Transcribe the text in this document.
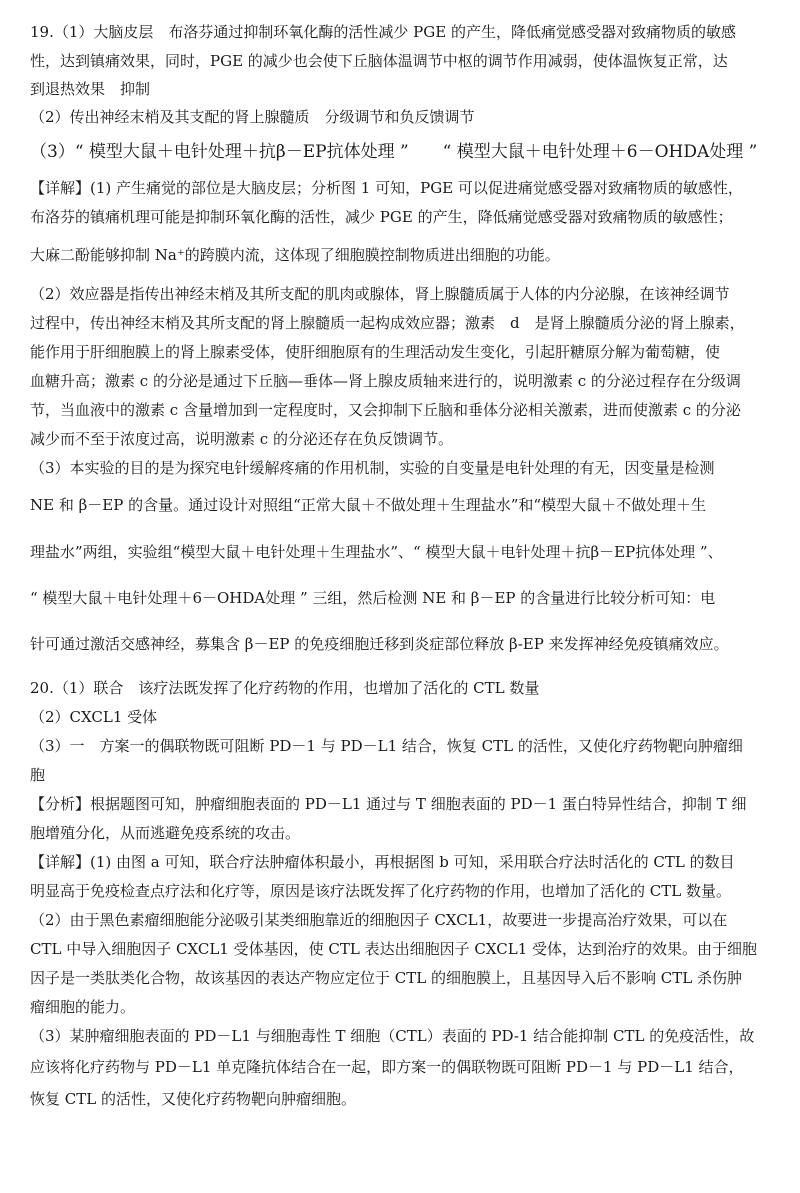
19.（1）大脑皮层　布洛芬通过抑制环氧化酶的活性减少 PGE 的产生，降低痛觉感受器对致痛物质的敏感
性，达到镇痛效果，同时，PGE 的减少也会使下丘脑体温调节中枢的调节作用减弱，使体温恢复正常，达
到退热效果　抑制
（2）传出神经末梢及其支配的肾上腺髓质　分级调节和负反馈调节
（3）“ 模型大鼠＋电针处理＋抗β－EP抗体处理 ”　　“ 模型大鼠＋电针处理＋6－OHDA处理 ”
【详解】(1) 产生痛觉的部位是大脑皮层；分析图 1 可知，PGE 可以促进痛觉感受器对致痛物质的敏感性，
布洛芬的镇痛机理可能是抑制环氧化酶的活性，减少 PGE 的产生，降低痛觉感受器对致痛物质的敏感性；
大麻二酚能够抑制 Na⁺的跨膜内流，这体现了细胞膜控制物质进出细胞的功能。
（2）效应器是指传出神经末梢及其所支配的肌肉或腺体，肾上腺髓质属于人体的内分泌腺，在该神经调节
过程中，传出神经末梢及其所支配的肾上腺髓质一起构成效应器；激素　d　是肾上腺髓质分泌的肾上腺素，
能作用于肝细胞膜上的肾上腺素受体，使肝细胞原有的生理活动发生变化，引起肝糖原分解为葡萄糖，使
血糖升高；激素 c 的分泌是通过下丘脑—垂体—肾上腺皮质轴来进行的，说明激素 c 的分泌过程存在分级调
节，当血液中的激素 c 含量增加到一定程度时，又会抑制下丘脑和垂体分泌相关激素，进而使激素 c 的分泌
减少而不至于浓度过高，说明激素 c 的分泌还存在负反馈调节。
（3）本实验的目的是为探究电针缓解疼痛的作用机制，实验的自变量是电针处理的有无，因变量是检测
NE 和 β－EP 的含量。通过设计对照组“正常大鼠＋不做处理＋生理盐水”和“模型大鼠＋不做处理＋生
理盐水”两组，实验组“模型大鼠＋电针处理＋生理盐水”、“ 模型大鼠＋电针处理＋抗β－EP抗体处理 ”、
“ 模型大鼠＋电针处理＋6－OHDA处理 ” 三组，然后检测 NE 和 β－EP 的含量进行比较分析可知：电
针可通过激活交感神经，募集含 β－EP 的免疫细胞迁移到炎症部位释放 β-EP 来发挥神经免疫镇痛效应。
20.（1）联合　该疗法既发挥了化疗药物的作用，也增加了活化的 CTL 数量
（2）CXCL1 受体
（3）一　方案一的偶联物既可阻断 PD－1 与 PD－L1 结合，恢复 CTL 的活性，又使化疗药物靶向肿瘤细
胞
【分析】根据题图可知，肿瘤细胞表面的 PD－L1 通过与 T 细胞表面的 PD－1 蛋白特异性结合，抑制 T 细
胞增殖分化，从而逃避免疫系统的攻击。
【详解】(1) 由图 a 可知，联合疗法肿瘤体积最小，再根据图 b 可知，采用联合疗法时活化的 CTL 的数目
明显高于免疫检查点疗法和化疗等，原因是该疗法既发挥了化疗药物的作用，也增加了活化的 CTL 数量。
（2）由于黑色素瘤细胞能分泌吸引某类细胞靠近的细胞因子 CXCL1，故要进一步提高治疗效果，可以在
CTL 中导入细胞因子 CXCL1 受体基因，使 CTL 表达出细胞因子 CXCL1 受体，达到治疗的效果。由于细胞
因子是一类肽类化合物，故该基因的表达产物应定位于 CTL 的细胞膜上，且基因导入后不影响 CTL 杀伤肿
瘤细胞的能力。
（3）某肿瘤细胞表面的 PD－L1 与细胞毒性 T 细胞（CTL）表面的 PD-1 结合能抑制 CTL 的免疫活性，故
应该将化疗药物与 PD－L1 单克隆抗体结合在一起，即方案一的偶联物既可阻断 PD－1 与 PD－L1 结合，
恢复 CTL 的活性，又使化疗药物靶向肿瘤细胞。
